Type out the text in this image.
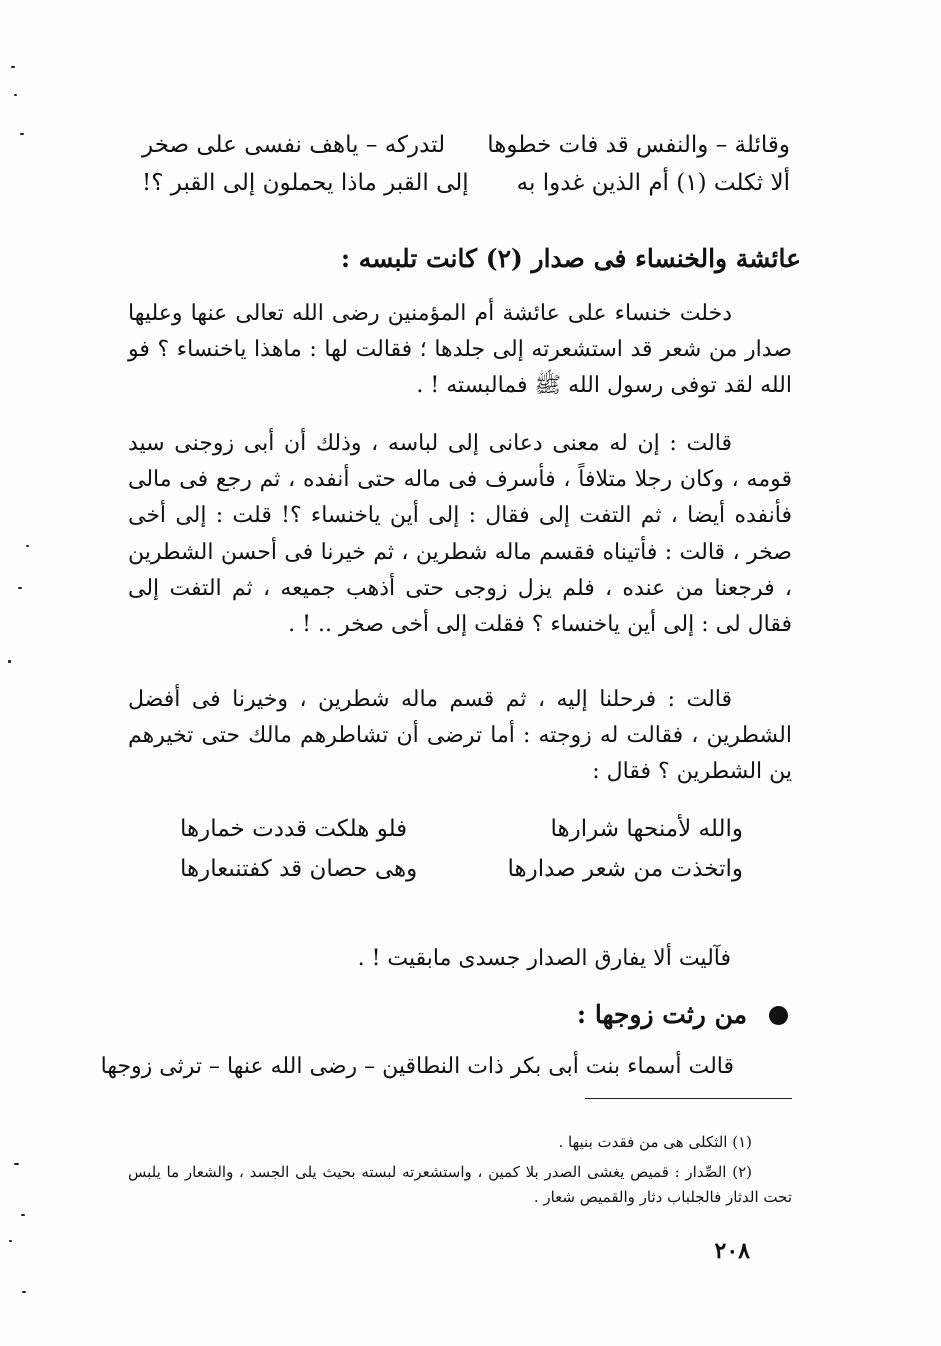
وقائلة – والنفس قد فات خطوها
لتدركه – ياهف نفسى على صخر
ألا ثكلت (١) أم الذين غدوا به
إلى القبر ماذا يحملون إلى القبر ؟!
عائشة والخنساء فى صدار (٢) كانت تلبسه :
دخلت خنساء على عائشة أم المؤمنين رضى الله تعالى عنها وعليها صدار من شعر قد استشعرته إلى جلدها ؛ فقالت لها : ماهذا ياخنساء ؟ فو الله لقد توفى رسول الله ﷺ فمالبسته ! .
قالت : إن له معنى دعانى إلى لباسه ، وذلك أن أبى زوجنى سيد قومه ، وكان رجلا متلافاً ، فأسرف فى ماله حتى أنفده ، ثم رجع فى مالى فأنفده أيضا ، ثم التفت إلى فقال : إلى أين ياخنساء ؟! قلت : إلى أخى صخر ، قالت : فأتيناه فقسم ماله شطرين ، ثم خيرنا فى أحسن الشطرين ، فرجعنا من عنده ، فلم يزل زوجى حتى أذهب جميعه ، ثم التفت إلى فقال لى : إلى أين ياخنساء ؟ فقلت إلى أخى صخر .. ! .
قالت : فرحلنا إليه ، ثم قسم ماله شطرين ، وخيرنا فى أفضل الشطرين ، فقالت له زوجته : أما ترضى أن تشاطرهم مالك حتى تخيرهم ين الشطرين ؟ فقال :
والله لأمنحها شرارها
فلو هلكت قددت خمارها
واتخذت من شعر صدارها
وهى حصان قد كفتنىعارها
فآليت ألا يفارق الصدار جسدى مابقيت ! .
من رثت زوجها :
قالت أسماء بنت أبى بكر ذات النطاقين – رضى الله عنها – ترثى زوجها
(١) الثكلى هى من فقدت بنيها .
(٢) الصِّدار : قميص يغشى الصدر بلا كمين ، واستشعرته لبسته بحيث يلى الجسد ، والشعار ما يلبس تحت الدثار فالجلباب دثار والقميص شعار .
٢٠٨
